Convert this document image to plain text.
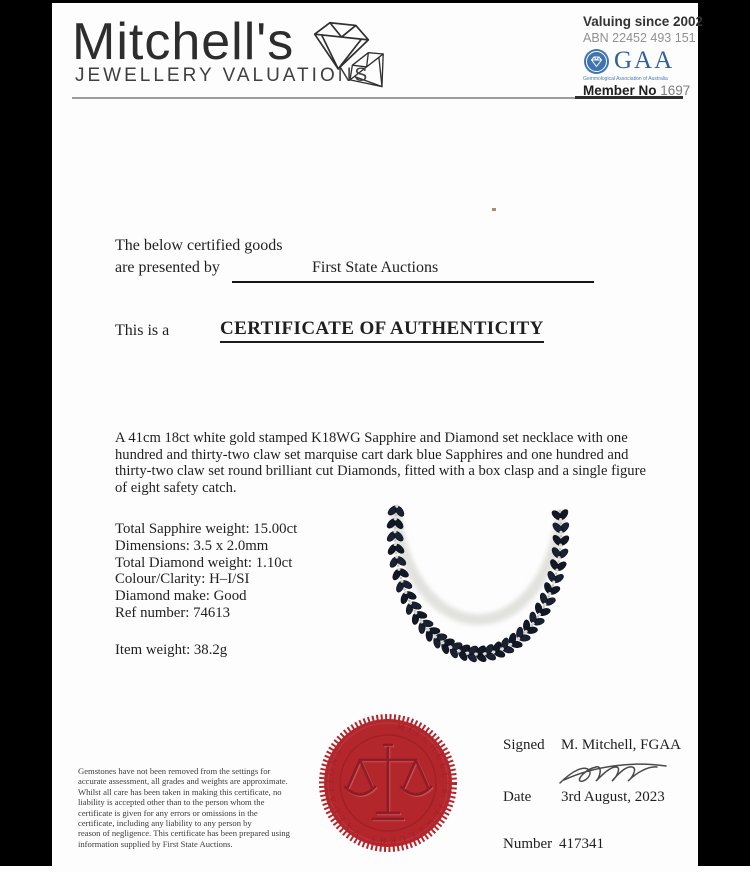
Mitchell's
JEWELLERY VALUATIONS
Valuing since 2002
ABN 22452 493 151
GAA
Gemmological Association of Australia
Member No 1697
The below certified goods
are presented by	First State Auctions
This is a	CERTIFICATE OF AUTHENTICITY
A 41cm 18ct white gold stamped K18WG Sapphire and Diamond set necklace with one
hundred and thirty-two claw set marquise cart dark blue Sapphires and one hundred and
thirty-two claw set round brilliant cut Diamonds, fitted with a box clasp and a single figure
of eight safety catch.
Total Sapphire weight: 15.00ct
Dimensions: 3.5 x 2.0mm
Total Diamond weight: 1.10ct
Colour/Clarity: H–I/SI
Diamond make: Good
Ref number: 74613
Item weight: 38.2g
Gemstones have not been removed from the settings for
accurate assessment, all grades and weights are approximate.
Whilst all care has been taken in making this certificate, no
liability is accepted other than to the person whom the
certificate is given for any errors or omissions in the
certificate, including any liability to any person by
reason of negligence. This certificate has been prepared using
information supplied by First State Auctions.
MITCHELL'S JEWELLERY VALUATIONS	Signed M. Mitchell, FGAA
Date 3rd August, 2023
Number 417341
